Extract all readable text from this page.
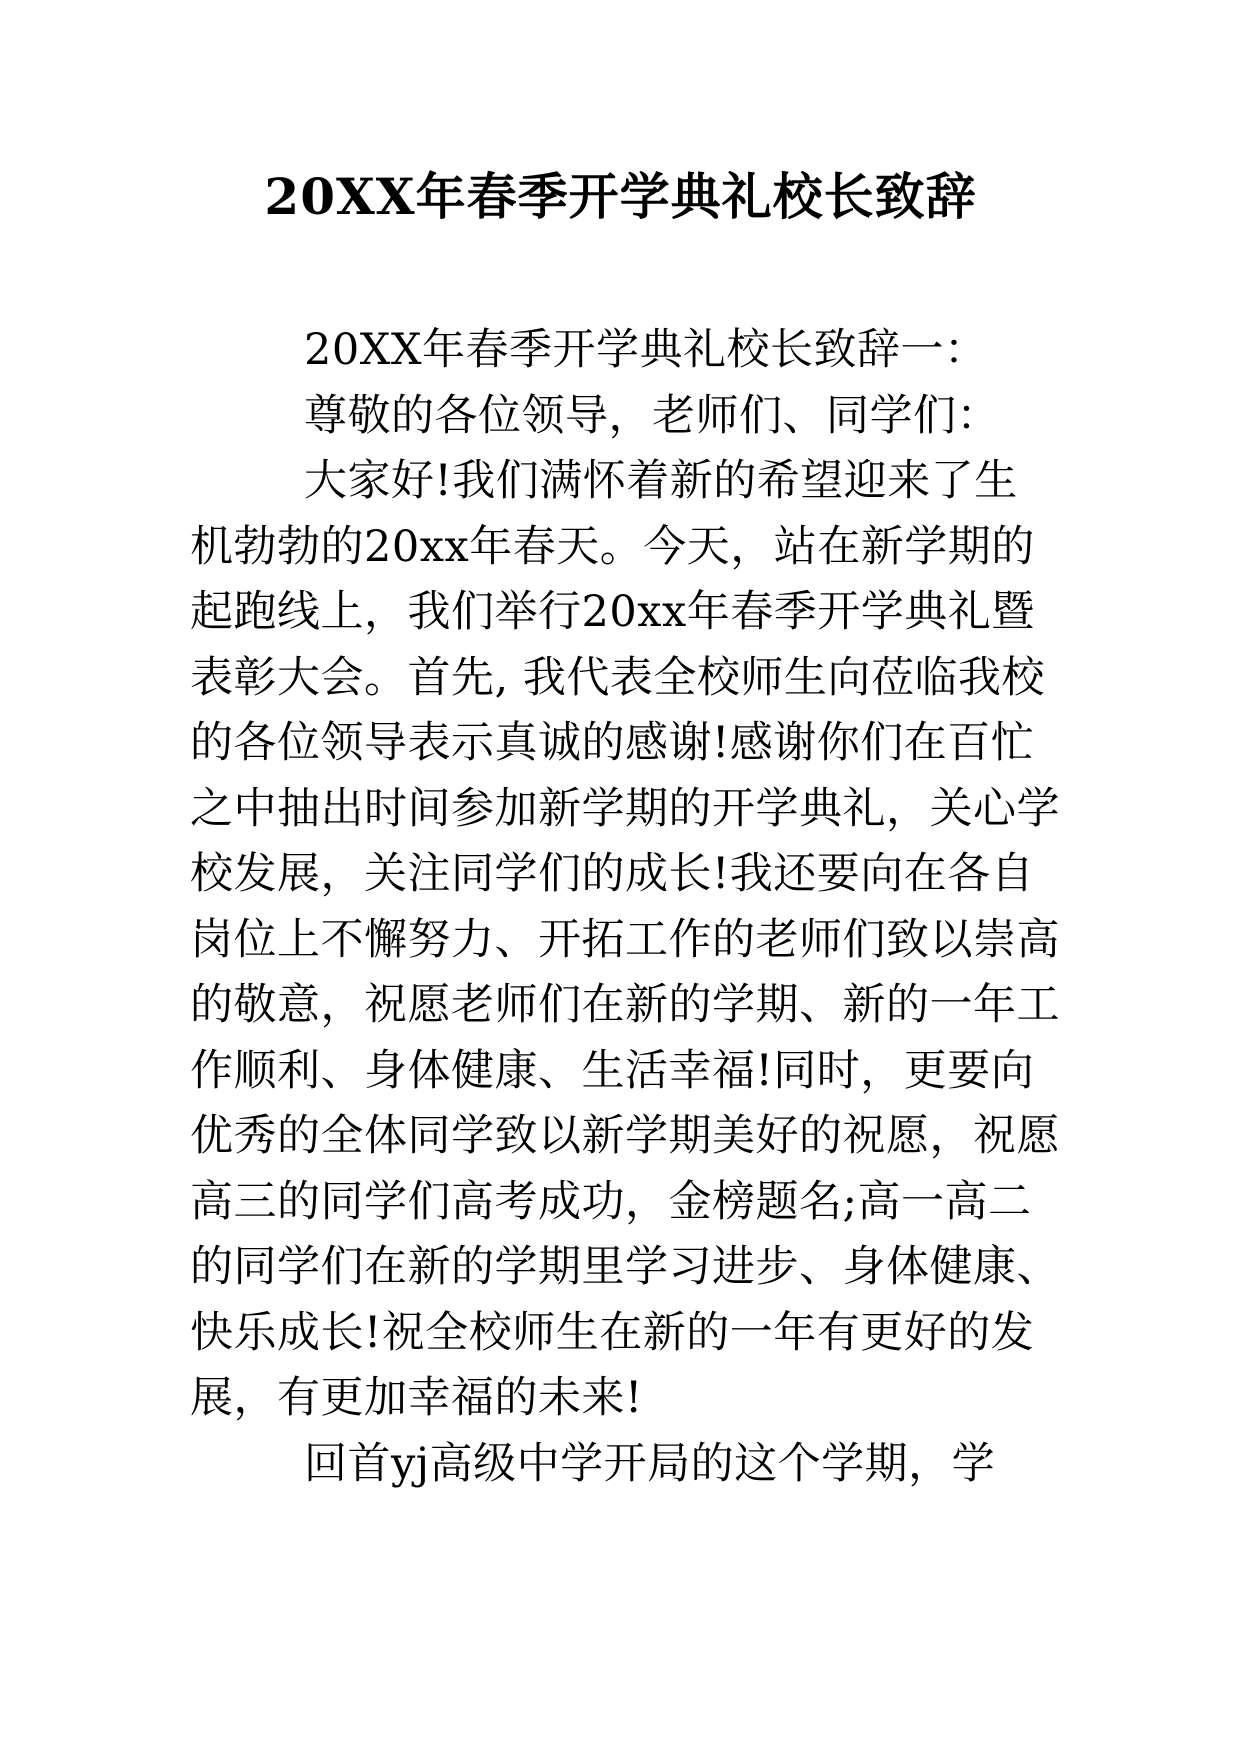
20XX年春季开学典礼校长致辞

20XX年春季开学典礼校长致辞一：

尊敬的各位领导，老师们、同学们：

大家好!我们满怀着新的希望迎来了生机勃勃的20xx年春天。今天，站在新学期的起跑线上，我们举行20xx年春季开学典礼暨表彰大会。首先, 我代表全校师生向莅临我校的各位领导表示真诚的感谢!感谢你们在百忙之中抽出时间参加新学期的开学典礼，关心学校发展，关注同学们的成长!我还要向在各自岗位上不懈努力、开拓工作的老师们致以崇高的敬意，祝愿老师们在新的学期、新的一年工作顺利、身体健康、生活幸福!同时，更要向优秀的全体同学致以新学期美好的祝愿，祝愿高三的同学们高考成功，金榜题名;高一高二的同学们在新的学期里学习进步、身体健康、快乐成长!祝全校师生在新的一年有更好的发展，有更加幸福的未来!

回首yj高级中学开局的这个学期，学
